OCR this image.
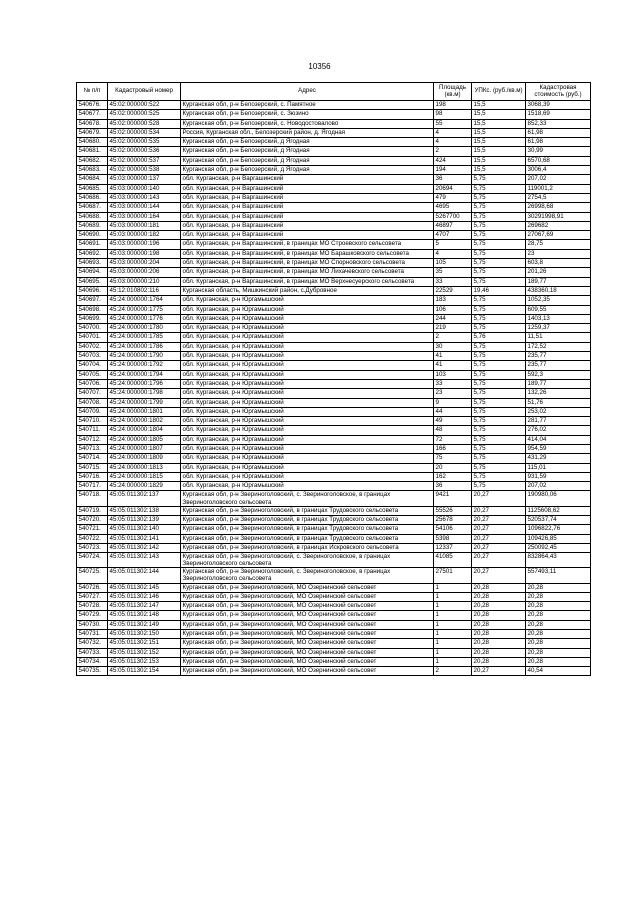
10356
№ п/п	Кадастровый номер	Адрес	Площадь (кв.м)	УПКс. (руб./кв.м)	Кадастровая стоимость (руб.)
540676.	45:02:000000:522	Курганская обл, р-н Белозерский, с. Памятное	198	15,5	3068,39
540677.	45:02:000000:525	Курганская обл, р-н Белозерский, с. Зюзино	98	15,5	1518,69
540678.	45:02:000000:528	Курганская обл, р-н Белозерский, с. Новодостовалово	55	15,5	852,33
540679.	45:02:000000:534	Россия, Курганская обл., Белозерский район, д. Ягодная	4	15,5	61,98
540680.	45:02:000000:535	Курганская обл, р-н Белозерский, д Ягодная	4	15,5	61,98
540681.	45:02:000000:536	Курганская обл, р-н Белозерский, д Ягодная	2	15,5	30,99
540682.	45:02:000000:537	Курганская обл, р-н Белозерский, д Ягодная	424	15,5	6570,68
540683.	45:02:000000:538	Курганская обл, р-н Белозерский, д Ягодная	194	15,5	3006,4
540684.	45:03:000000:137	обл. Курганская, р-н Варгашинский	36	5,75	207,02
540685.	45:03:000000:140	обл. Курганская, р-н Варгашинский	20694	5,75	119001,2
540686.	45:03:000000:143	обл. Курганская, р-н Варгашинский	479	5,75	2754,5
540687.	45:03:000000:144	обл. Курганская, р-н Варгашинский	4695	5,75	26998,68
540688.	45:03:000000:164	обл. Курганская, р-н Варгашинский	5267700	5,75	30291998,91
540689.	45:03:000000:181	обл. Курганская, р-н Варгашинский	46897	5,75	269682
540690.	45:03:000000:182	обл. Курганская, р-н Варгашинский	4707	5,75	27067,69
540691.	45:03:000000:196	обл. Курганская, р-н Варгашинский, в границах МО Строевского сельсовета	5	5,75	28,75
540692.	45:03:000000:198	обл. Курганская, р-н Варгашинский, в границах МО Барашковского сельсовета	4	5,75	23
540693.	45:03:000000:204	обл. Курганская, р-н Варгашинский, в границах МО Спорновского сельсовета	105	5,75	603,8
540694.	45:03:000000:206	обл. Курганская, р-н Варгашинский, в границах МО Лихачевского сельсовета	35	5,75	201,26
540695.	45:03:000000:210	обл. Курганская, р-н Варгашинский, в границах МО Верхнесуерского сельсовета	33	5,75	189,77
540696.	45:12:010802:116	Курганская область, Мишкинский район, с.Дубровное	22529	19,46	438360,18
540697.	45:24:000000:1764	обл. Курганская, р-н Юргамышский	183	5,75	1052,35
540698.	45:24:000000:1775	обл. Курганская, р-н Юргамышский	106	5,75	609,55
540699.	45:24:000000:1776	обл. Курганская, р-н Юргамышский	244	5,75	1403,13
540700.	45:24:000000:1780	обл. Курганская, р-н Юргамышский	219	5,75	1259,37
540701.	45:24:000000:1785	обл. Курганская, р-н Юргамышский	2	5,76	11,51
540702.	45:24:000000:1786	обл. Курганская, р-н Юргамышский	30	5,75	172,52
540703.	45:24:000000:1790	обл. Курганская, р-н Юргамышский	41	5,75	235,77
540704.	45:24:000000:1792	обл. Курганская, р-н Юргамышский	41	5,75	235,77
540705.	45:24:000000:1794	обл. Курганская, р-н Юргамышский	103	5,75	592,3
540706.	45:24:000000:1796	обл. Курганская, р-н Юргамышский	33	5,75	189,77
540707.	45:24:000000:1798	обл. Курганская, р-н Юргамышский	23	5,75	132,26
540708.	45:24:000000:1799	обл. Курганская, р-н Юргамышский	9	5,75	51,76
540709.	45:24:000000:1801	обл. Курганская, р-н Юргамышский	44	5,75	253,02
540710.	45:24:000000:1802	обл. Курганская, р-н Юргамышский	49	5,75	281,77
540711.	45:24:000000:1804	обл. Курганская, р-н Юргамышский	48	5,75	276,02
540712.	45:24:000000:1805	обл. Курганская, р-н Юргамышский	72	5,75	414,04
540713.	45:24:000000:1807	обл. Курганская, р-н Юргамышский	166	5,75	954,59
540714.	45:24:000000:1809	обл. Курганская, р-н Юргамышский	75	5,75	431,29
540715.	45:24:000000:1813	обл. Курганская, р-н Юргамышский	20	5,75	115,01
540716.	45:24:000000:1815	обл. Курганская, р-н Юргамышский	162	5,75	931,59
540717.	45:24:000000:1829	обл. Курганская, р-н Юргамышский	36	5,75	207,02
540718.	45:05:011302:137	Курганская обл, р-н Звериноголовский, с. Звериноголовское, в границах Звериноголовского сельсовета	9421	20,27	190980,06
540719.	45:05:011302:138	Курганская обл, р-н Звериноголовский, в границах Трудовского сельсовета	55526	20,27	1125608,62
540720.	45:05:011302:139	Курганская обл, р-н Звериноголовский, в границах Трудовского сельсовета	25678	20,27	520537,74
540721.	45:05:011302:140	Курганская обл, р-н Звериноголовский, в границах Трудовского сельсовета	54106	20,27	1096822,76
540722.	45:05:011302:141	Курганская обл, р-н Звериноголовский, в границах Трудовского сельсовета	5398	20,27	109426,85
540723.	45:05:011302:142	Курганская обл, р-н Звериноголовский, в границах Искровского сельсовета	12337	20,27	250092,45
540724.	45:05:011302:143	Курганская обл, р-н Звериноголовский, с. Звериноголовское, в границах Звериноголовского сельсовета	41085	20,27	832864,43
540725.	45:05:011302:144	Курганская обл, р-н Звериноголовский, с. Звериноголовское, в границах Звериноголовского сельсовета	27501	20,27	557493,11
540726.	45:05:011302:145	Курганская обл, р-н Звериноголовский, МО Озернинский сельсовет	1	20,28	20,28
540727.	45:05:011302:146	Курганская обл, р-н Звериноголовский, МО Озернинский сельсовет	1	20,28	20,28
540728.	45:05:011302:147	Курганская обл, р-н Звериноголовский, МО Озернинский сельсовет	1	20,28	20,28
540729.	45:05:011302:148	Курганская обл, р-н Звериноголовский, МО Озернинский сельсовет	1	20,28	20,28
540730.	45:05:011302:149	Курганская обл, р-н Звериноголовский, МО Озернинский сельсовет	1	20,28	20,28
540731.	45:05:011302:150	Курганская обл, р-н Звериноголовский, МО Озернинский сельсовет	1	20,28	20,28
540732.	45:05:011302:151	Курганская обл, р-н Звериноголовский, МО Озернинский сельсовет	1	20,28	20,28
540733.	45:05:011302:152	Курганская обл, р-н Звериноголовский, МО Озернинский сельсовет	1	20,28	20,28
540734.	45:05:011302:153	Курганская обл, р-н Звериноголовский, МО Озернинский сельсовет	1	20,28	20,28
540735.	45:05:011302:154	Курганская обл, р-н Звериноголовский, МО Озернинский сельсовет	2	20,27	40,54
